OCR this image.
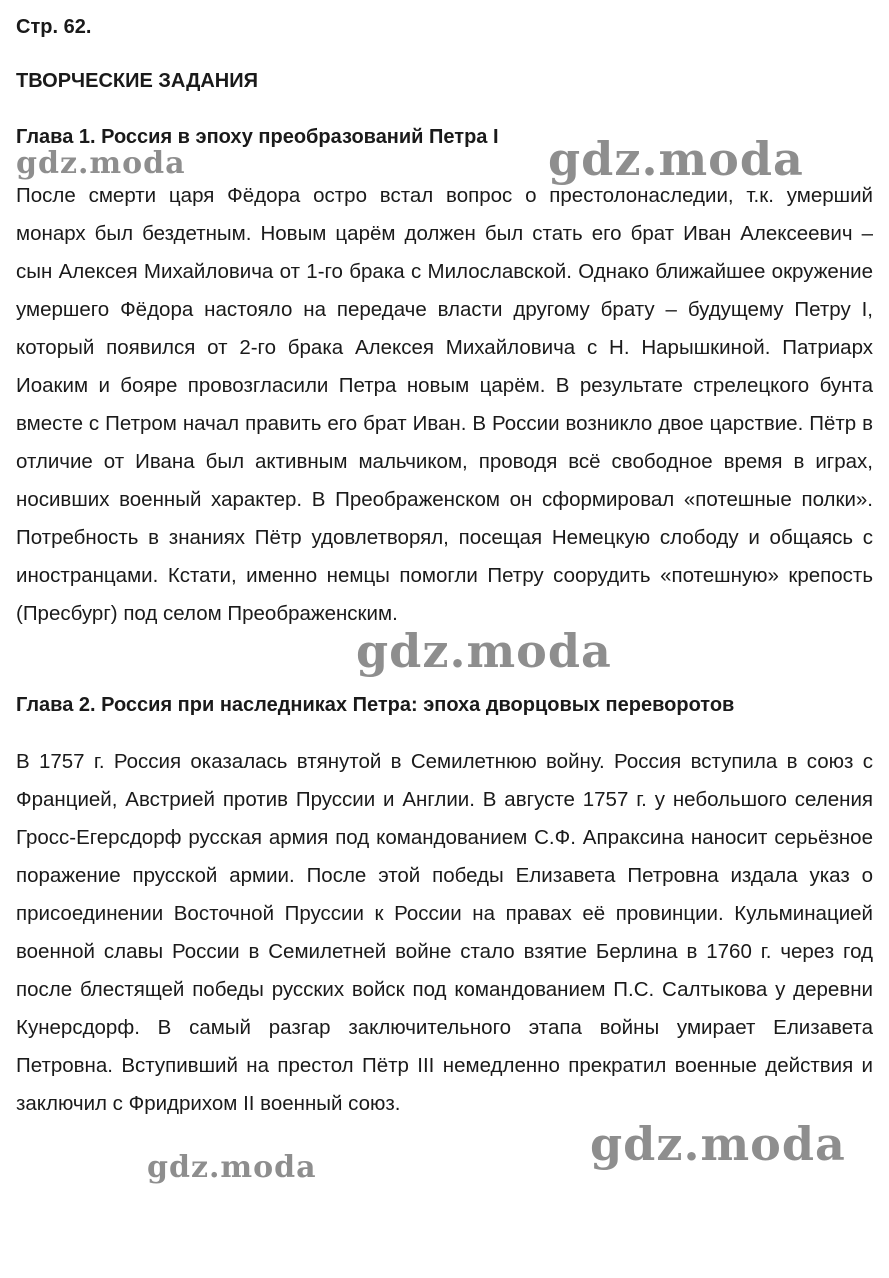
Стр. 62.
ТВОРЧЕСКИЕ ЗАДАНИЯ
Глава 1. Россия в эпоху преобразований Петра I

После смерти царя Фёдора остро встал вопрос о престолонаследии, т.к. умерший монарх был бездетным. Новым царём должен был стать его брат Иван Алексеевич – сын Алексея Михайловича от 1-го брака с Милославской. Однако ближайшее окружение умершего Фёдора настояло на передаче власти другому брату – будущему Петру I, который появился от 2-го брака Алексея Михайловича с Н. Нарышкиной. Патриарх Иоаким и бояре провозгласили Петра новым царём. В результате стрелецкого бунта вместе с Петром начал править его брат Иван. В России возникло двое царствие. Пётр в отличие от Ивана был активным мальчиком, проводя всё свободное время в играх, носивших военный характер. В Преображенском он сформировал «потешные полки». Потребность в знаниях Пётр удовлетворял, посещая Немецкую слободу и общаясь с иностранцами. Кстати, именно немцы помогли Петру соорудить «потешную» крепость (Пресбург) под селом Преображенским.

Глава 2. Россия при наследниках Петра: эпоха дворцовых переворотов

В 1757 г. Россия оказалась втянутой в Семилетнюю войну. Россия вступила в союз с Францией, Австрией против Пруссии и Англии. В августе 1757 г. у небольшого селения Гросс-Егерсдорф русская армия под командованием С.Ф. Апраксина наносит серьёзное поражение прусской армии. После этой победы Елизавета Петровна издала указ о присоединении Восточной Пруссии к России на правах её провинции. Кульминацией военной славы России в Семилетней войне стало взятие Берлина в 1760 г. через год после блестящей победы русских войск под командованием П.С. Салтыкова у деревни Кунерсдорф. В самый разгар заключительного этапа войны умирает Елизавета Петровна. Вступивший на престол Пётр III немедленно прекратил военные действия и заключил с Фридрихом II военный союз.

gdz.moda	gdz.moda
gdz.moda
gdz.moda
gdz.moda
